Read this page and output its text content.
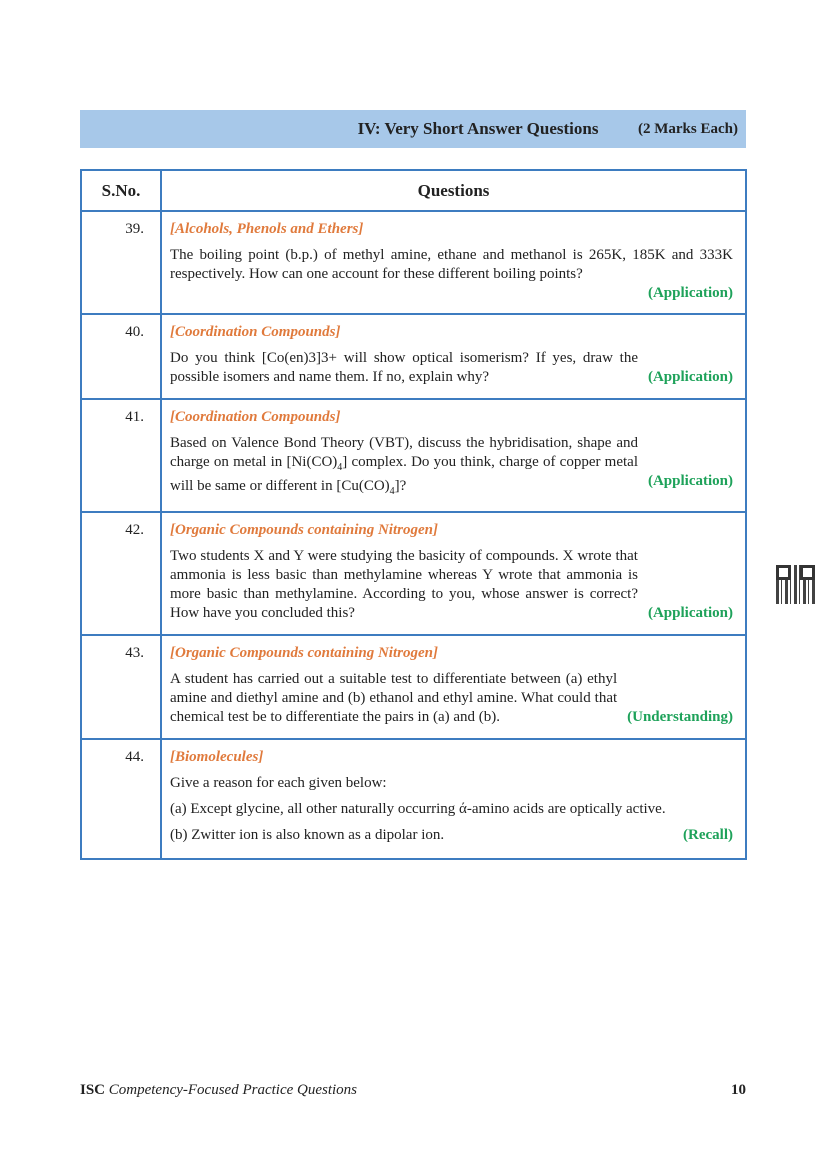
IV: Very Short Answer Questions	(2 Marks Each)
S.No.	Questions
39.	[Alcohols, Phenols and Ethers]
The boiling point (b.p.) of methyl amine, ethane and methanol is 265K, 185K and 333K respectively. How can one account for these different boiling points?
(Application)

40.	[Coordination Compounds]
(Application)
Do you think [Co(en)3]3+ will show optical isomerism? If yes, draw the possible isomers and name them. If no, explain why?

41.	[Coordination Compounds]
(Application)
Based on Valence Bond Theory (VBT), discuss the hybridisation, shape and charge on metal in $[Ni(CO)_4]$ complex. Do you think, charge of copper metal will be same or different in $[Cu(CO)_4]$?

42.	[Organic Compounds containing Nitrogen]
(Application)
Two students X and Y were studying the basicity of compounds. X wrote that ammonia is less basic than methylamine whereas Y wrote that ammonia is more basic than methylamine. According to you, whose answer is correct? How have you concluded this?

43.	[Organic Compounds containing Nitrogen]
(Understanding)
A student has carried out a suitable test to differentiate between (a) ethyl amine and diethyl amine and (b) ethanol and ethyl amine. What could that chemical test be to differentiate the pairs in (a) and (b).

44.	[Biomolecules]
Give a reason for each given below:
(a) Except glycine, all other naturally occurring ά-amino acids are optically active.
(Recall)
(b) Zwitter ion is also known as a dipolar ion.
ISC Competency-Focused Practice Questions	10
